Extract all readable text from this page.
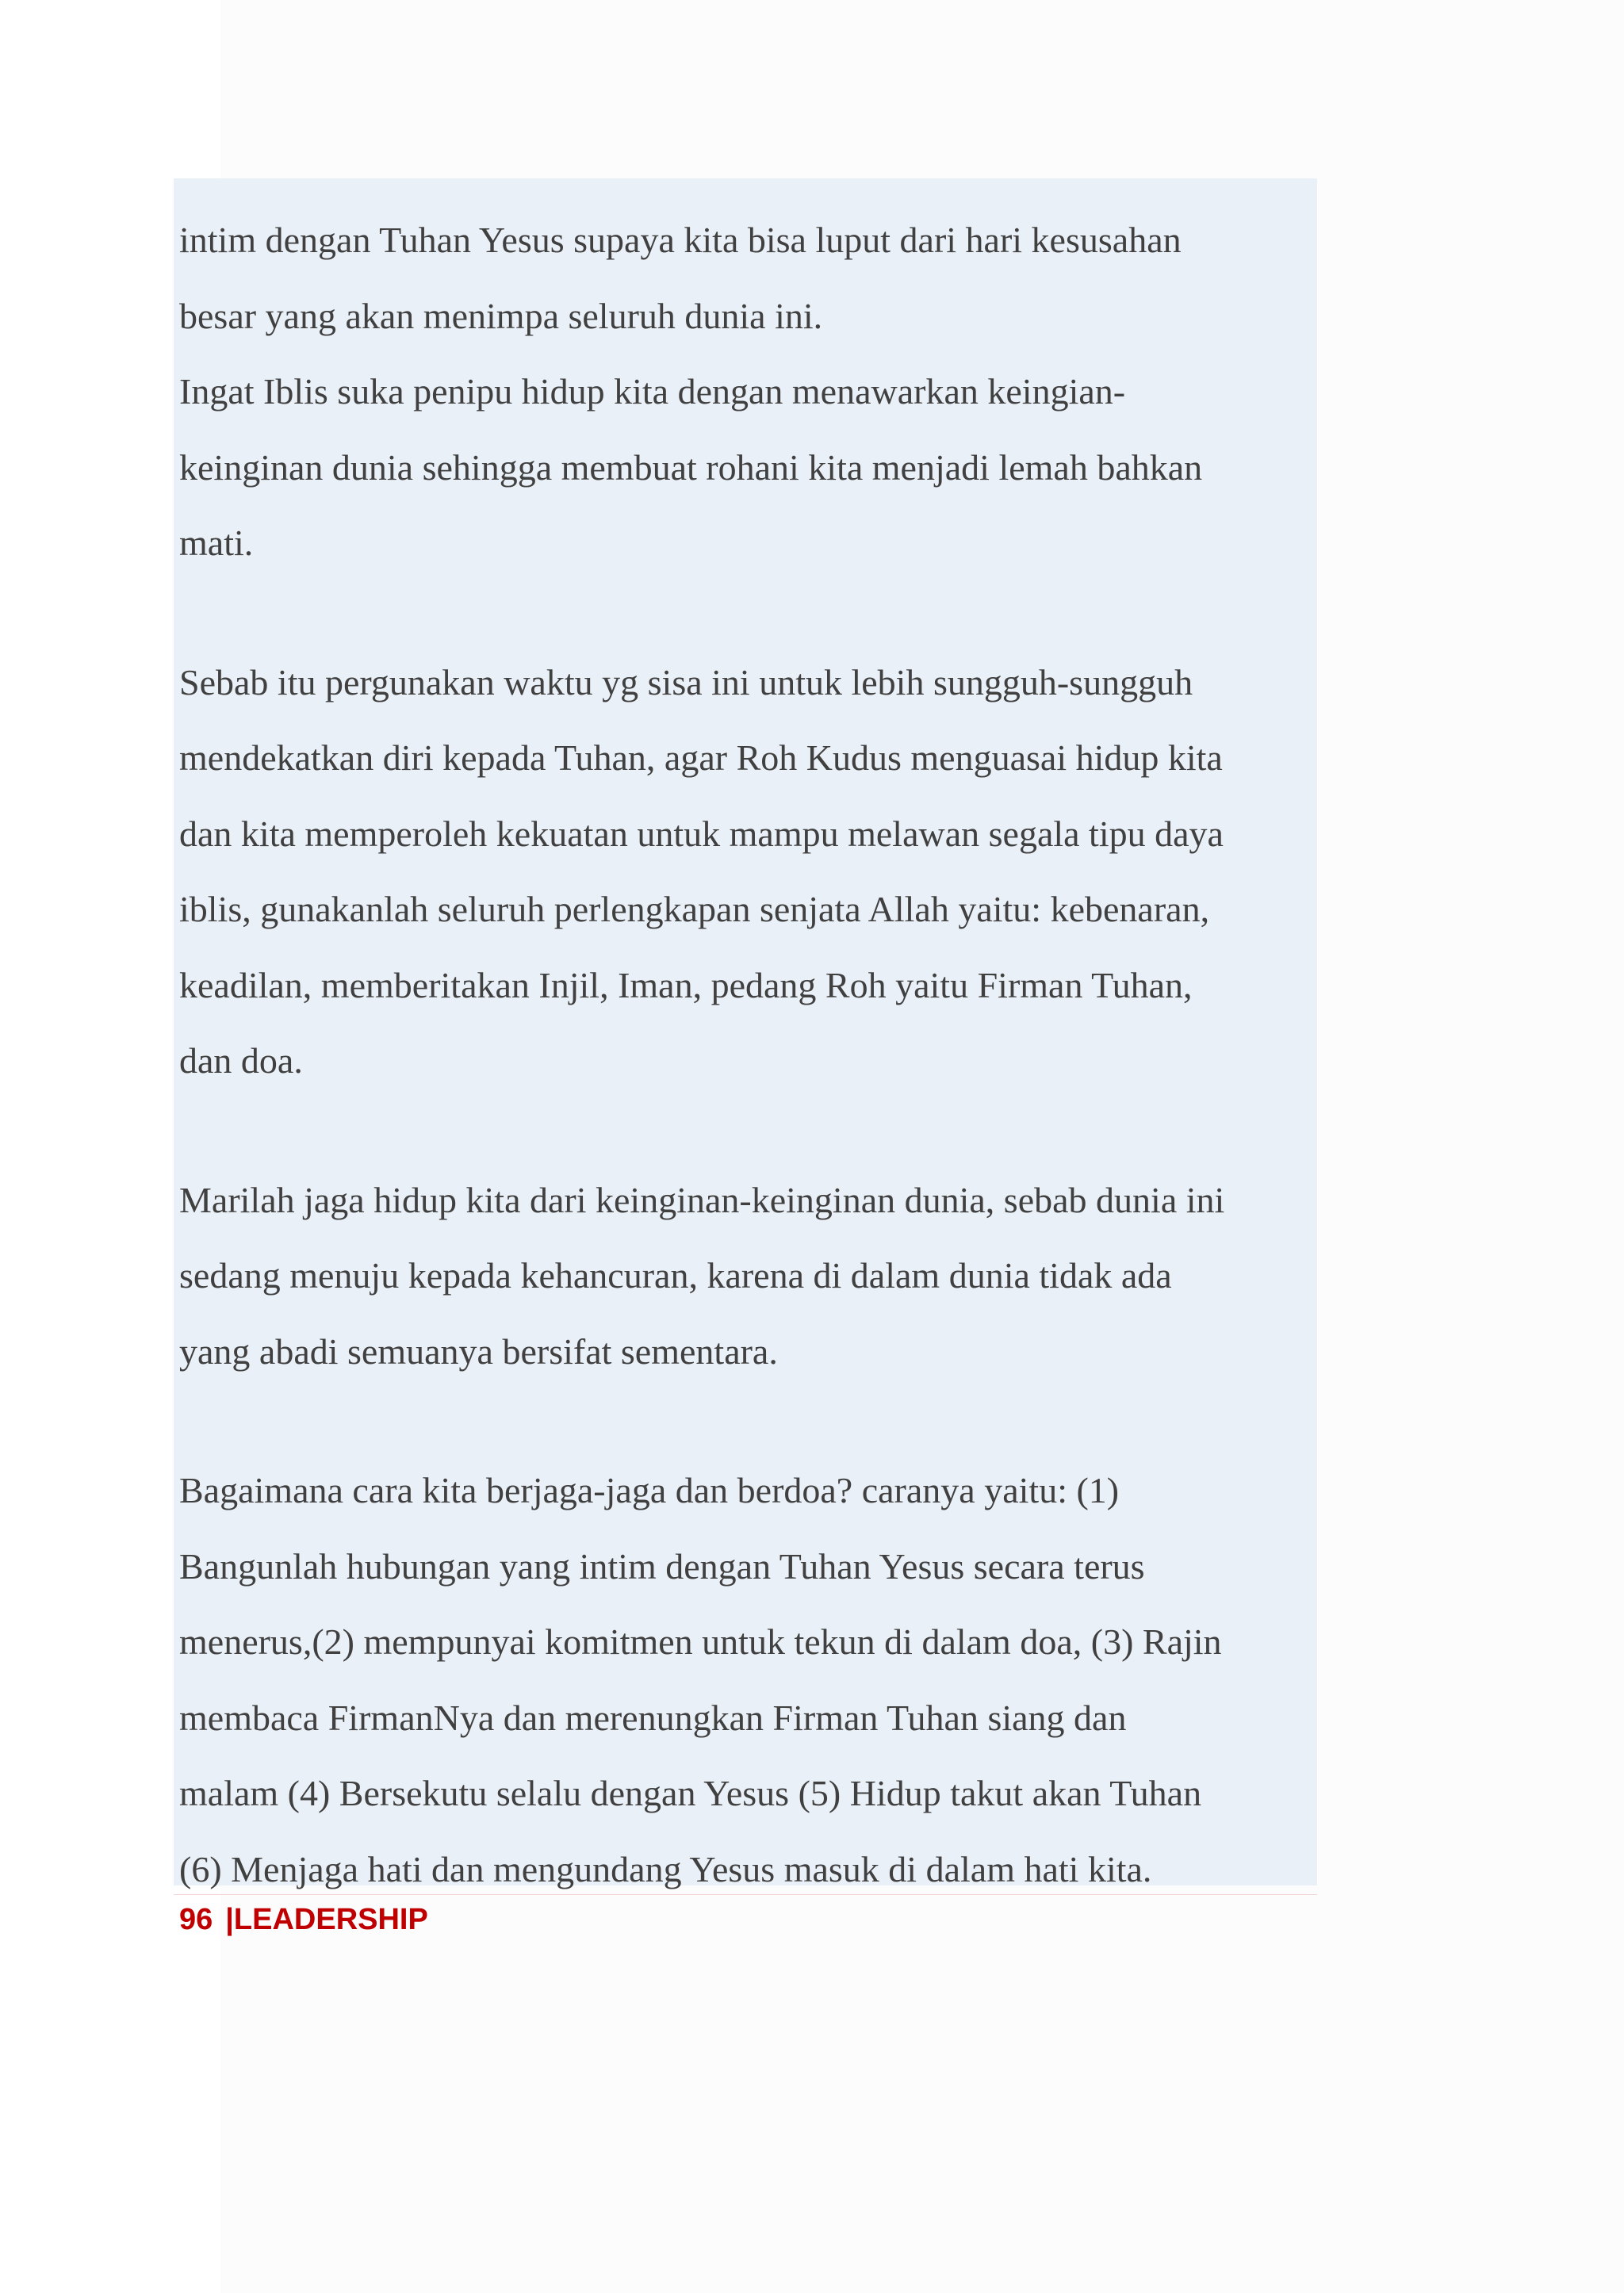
intim dengan Tuhan Yesus supaya kita bisa luput dari hari kesusahan
besar yang akan menimpa seluruh dunia ini.
Ingat Iblis suka penipu hidup kita dengan menawarkan keingian-
keinginan dunia sehingga membuat rohani kita menjadi lemah bahkan
mati.
Sebab itu pergunakan waktu yg sisa ini untuk lebih sungguh-sungguh
mendekatkan diri kepada Tuhan, agar Roh Kudus menguasai hidup kita
dan kita memperoleh kekuatan untuk mampu melawan segala tipu daya
iblis, gunakanlah seluruh perlengkapan senjata Allah yaitu: kebenaran,
keadilan, memberitakan Injil, Iman, pedang Roh yaitu Firman Tuhan,
dan doa.
Marilah jaga hidup kita dari keinginan-keinginan dunia, sebab dunia ini
sedang menuju kepada kehancuran, karena di dalam dunia tidak ada
yang abadi semuanya bersifat sementara.
Bagaimana cara kita berjaga-jaga dan berdoa? caranya yaitu: (1)
Bangunlah hubungan yang intim dengan Tuhan Yesus secara terus
menerus,(2) mempunyai komitmen untuk tekun di dalam doa, (3) Rajin
membaca FirmanNya dan merenungkan Firman Tuhan siang dan
malam (4) Bersekutu selalu dengan Yesus (5) Hidup takut akan Tuhan
(6) Menjaga hati dan mengundang Yesus masuk di dalam hati kita.
96 |LEADERSHIP
